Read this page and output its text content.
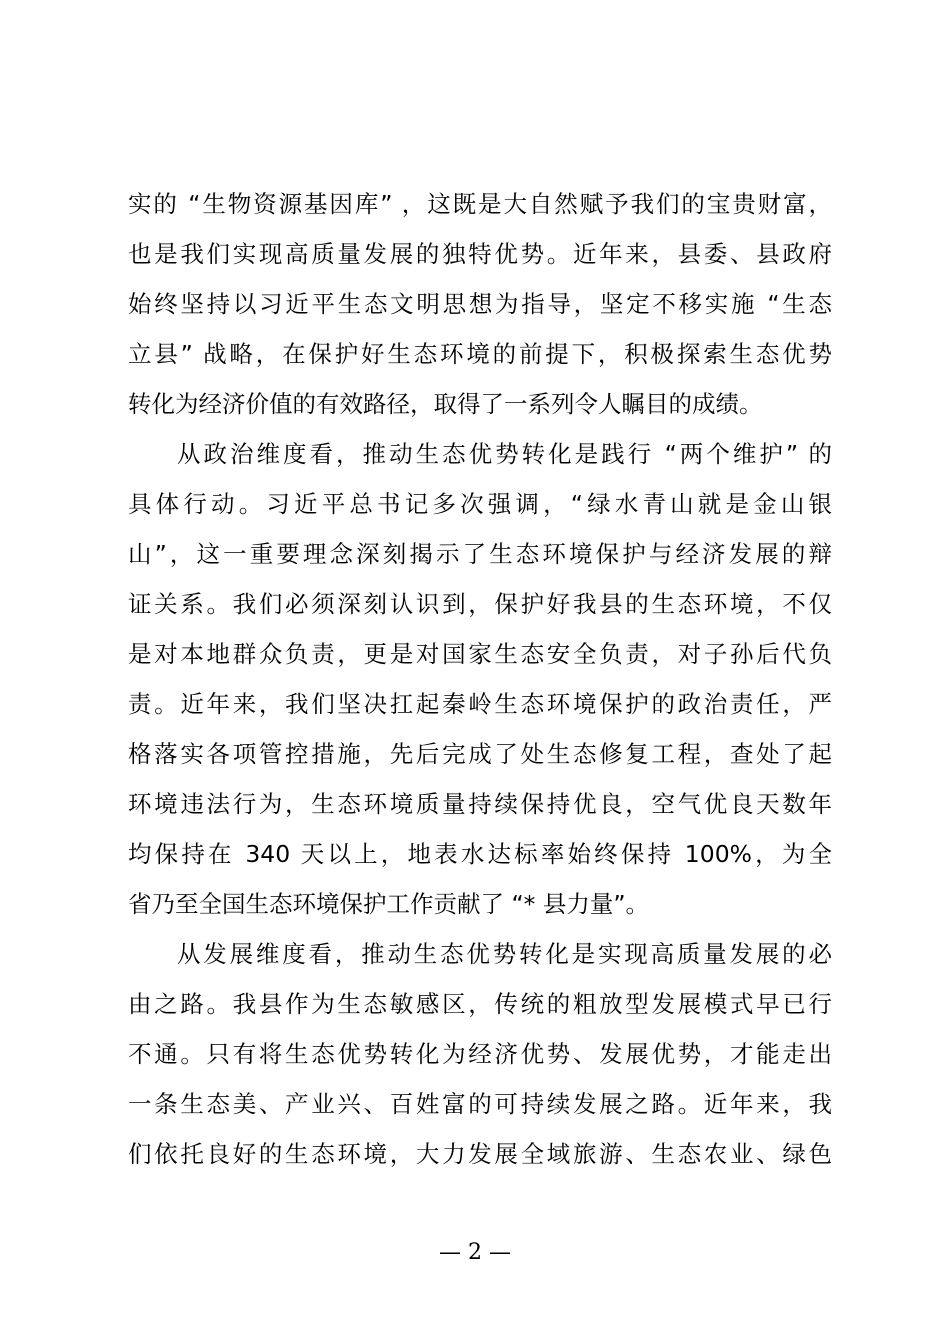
实的 “生物资源基因库” ，这既是大自然赋予我们的宝贵财富，
也是我们实现高质量发展的独特优势。近年来，县委、县政府
始终坚持以习近平生态文明思想为指导，坚定不移实施 “生态
立县” 战略，在保护好生态环境的前提下，积极探索生态优势
转化为经济价值的有效路径，取得了一系列令人瞩目的成绩。
从政治维度看，推动生态优势转化是践行 “两个维护” 的
具体行动。习近平总书记多次强调，“绿水青山就是金山银
山”，这一重要理念深刻揭示了生态环境保护与经济发展的辩
证关系。我们必须深刻认识到，保护好我县的生态环境，不仅
是对本地群众负责，更是对国家生态安全负责，对子孙后代负
责。近年来，我们坚决扛起秦岭生态环境保护的政治责任，严
格落实各项管控措施，先后完成了处生态修复工程，查处了起
环境违法行为，生态环境质量持续保持优良，空气优良天数年
均保持在 340 天以上，地表水达标率始终保持 100%，为全
省乃至全国生态环境保护工作贡献了 “* 县力量”。
从发展维度看，推动生态优势转化是实现高质量发展的必
由之路。我县作为生态敏感区，传统的粗放型发展模式早已行
不通。只有将生态优势转化为经济优势、发展优势，才能走出
一条生态美、产业兴、百姓富的可持续发展之路。近年来，我
们依托良好的生态环境，大力发展全域旅游、生态农业、绿色
— 2 —
